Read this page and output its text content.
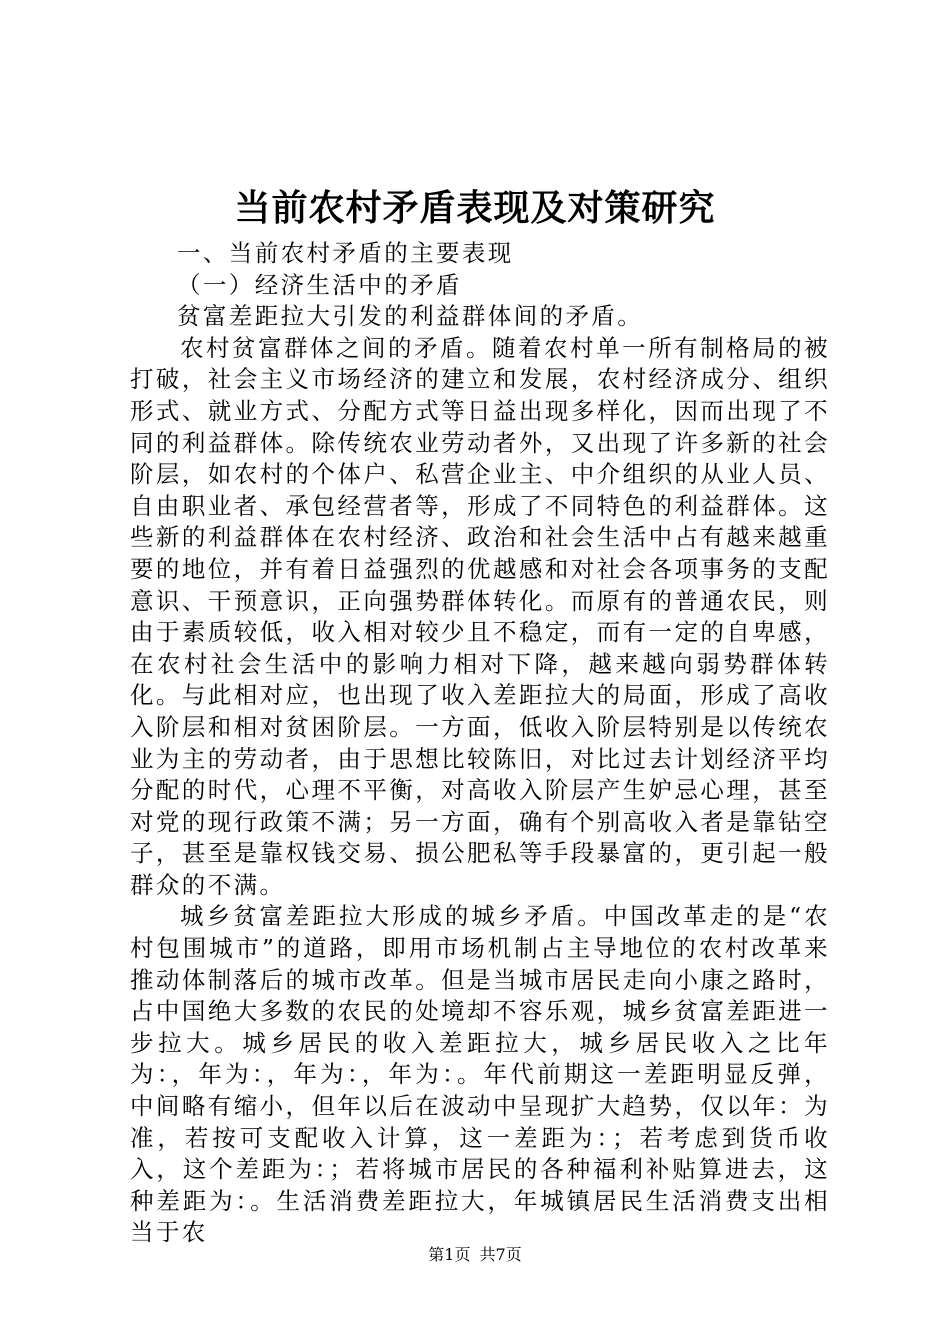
当前农村矛盾表现及对策研究

一、当前农村矛盾的主要表现

（一）经济生活中的矛盾

贫富差距拉大引发的利益群体间的矛盾。

农村贫富群体之间的矛盾。随着农村单一所有制格局的被打破，社会主义市场经济的建立和发展，农村经济成分、组织形式、就业方式、分配方式等日益出现多样化，因而出现了不同的利益群体。除传统农业劳动者外，又出现了许多新的社会阶层，如农村的个体户、私营企业主、中介组织的从业人员、自由职业者、承包经营者等，形成了不同特色的利益群体。这些新的利益群体在农村经济、政治和社会生活中占有越来越重要的地位，并有着日益强烈的优越感和对社会各项事务的支配意识、干预意识，正向强势群体转化。而原有的普通农民，则由于素质较低，收入相对较少且不稳定，而有一定的自卑感，在农村社会生活中的影响力相对下降，越来越向弱势群体转化。与此相对应，也出现了收入差距拉大的局面，形成了高收入阶层和相对贫困阶层。一方面，低收入阶层特别是以传统农业为主的劳动者，由于思想比较陈旧，对比过去计划经济平均分配的时代，心理不平衡，对高收入阶层产生妒忌心理，甚至对党的现行政策不满；另一方面，确有个别高收入者是靠钻空子，甚至是靠权钱交易、损公肥私等手段暴富的，更引起一般群众的不满。

城乡贫富差距拉大形成的城乡矛盾。中国改革走的是“农村包围城市”的道路，即用市场机制占主导地位的农村改革来推动体制落后的城市改革。但是当城市居民走向小康之路时，占中国绝大多数的农民的处境却不容乐观，城乡贫富差距进一步拉大。城乡居民的收入差距拉大，城乡居民收入之比年为：，年为：，年为：，年为：。年代前期这一差距明显反弹，中间略有缩小，但年以后在波动中呈现扩大趋势，仅以年：为准，若按可支配收入计算，这一差距为：；若考虑到货币收入，这个差距为：；若将城市居民的各种福利补贴算进去，这种差距为：。生活消费差距拉大，年城镇居民生活消费支出相当于农

第1页 共7页
